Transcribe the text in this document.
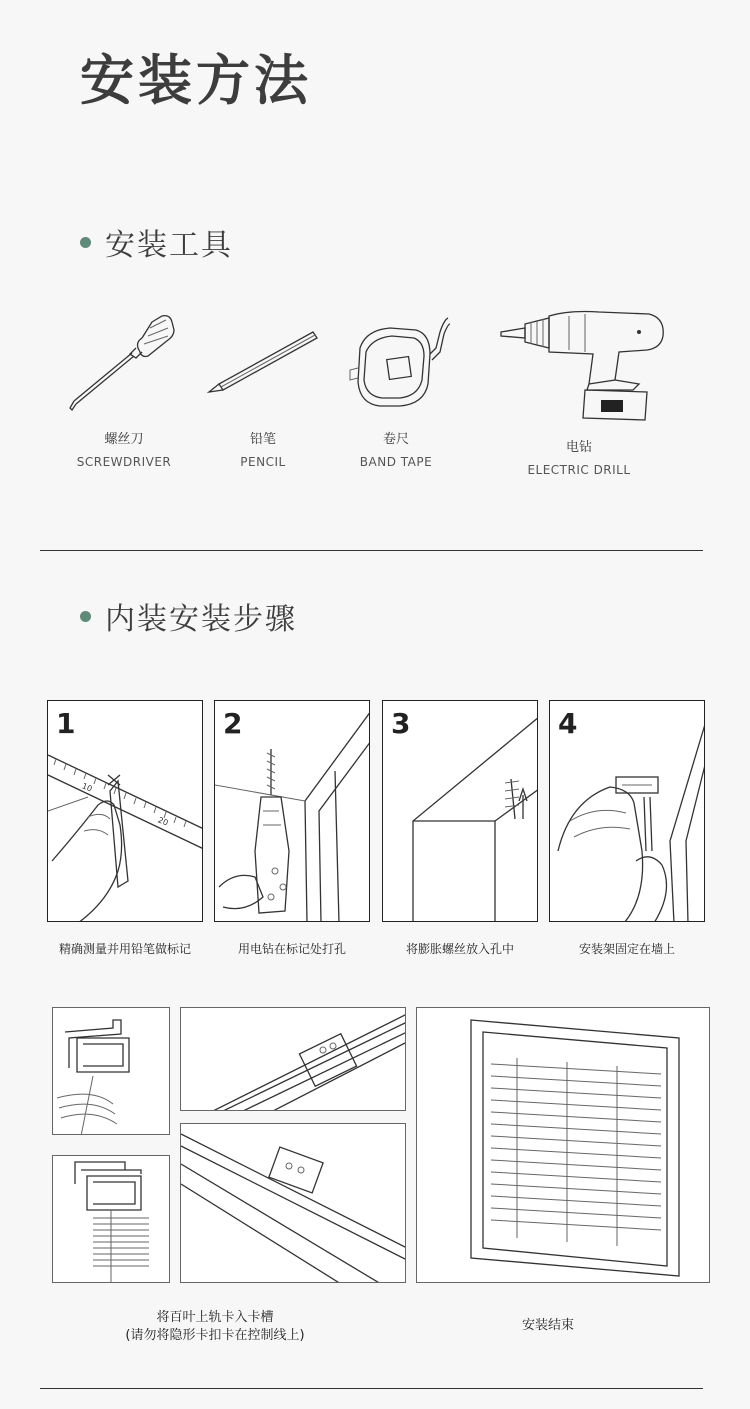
安装方法
安装工具
螺丝刀
SCREWDRIVER
铅笔
PENCIL
卷尺
BAND TAPE
电钻
ELECTRIC DRILL
内装安装步骤
10
20
1	2	3	4
精确测量并用铅笔做标记	用电钻在标记处打孔	将膨胀螺丝放入孔中	安装架固定在墙上
将百叶上轨卡入卡槽
(请勿将隐形卡扣卡在控制线上)
安装结束
